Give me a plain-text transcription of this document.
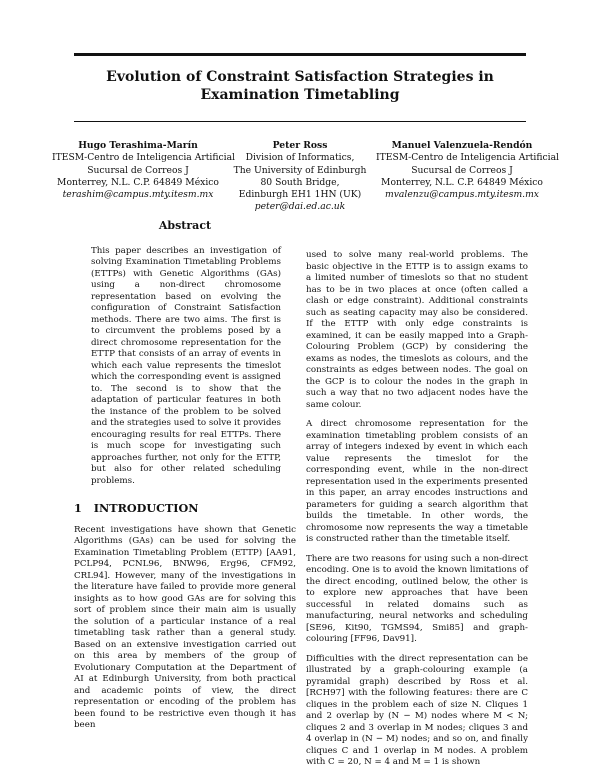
Evolution of Constraint Satisfaction Strategies in Examination Timetabling
Hugo Terashima-Marín
ITESM-Centro de Inteligencia Artificial
Sucursal de Correos J
Monterrey, N.L. C.P. 64849 México
terashim@campus.mty.itesm.mx
Peter Ross
Division of Informatics,
The University of Edinburgh
80 South Bridge,
Edinburgh EH1 1HN (UK)
peter@dai.ed.ac.uk
Manuel Valenzuela-Rendón
ITESM-Centro de Inteligencia Artificial
Sucursal de Correos J
Monterrey, N.L. C.P. 64849 México
mvalenzu@campus.mty.itesm.mx
Abstract
This paper describes an investigation of solving Examination Timetabling Problems (ETTPs) with Genetic Algorithms (GAs) using a non-direct chromosome representation based on evolving the configuration of Constraint Satisfaction methods. There are two aims. The first is to circumvent the problems posed by a direct chromosome representation for the ETTP that consists of an array of events in which each value represents the timeslot which the corresponding event is assigned to. The second is to show that the adaptation of particular features in both the instance of the problem to be solved and the strategies used to solve it provides encouraging results for real ETTPs. There is much scope for investigating such approaches further, not only for the ETTP, but also for other related scheduling problems.
1 INTRODUCTION

Recent investigations have shown that Genetic Algorithms (GAs) can be used for solving the Examination Timetabling Problem (ETTP) [AA91, PCLP94, PCNL96, BNW96, Erg96, CFM92, CRL94]. However, many of the investigations in the literature have failed to provide more general insights as to how good GAs are for solving this sort of problem since their main aim is usually the solution of a particular instance of a real timetabling task rather than a general study. Based on an extensive investigation carried out on this area by members of the group of Evolutionary Computation at the Department of AI at Edinburgh University, from both practical and academic points of view, the direct representation or encoding of the problem has been found to be restrictive even though it has been

used to solve many real-world problems. The basic objective in the ETTP is to assign exams to a limited number of timeslots so that no student has to be in two places at once (often called a clash or edge constraint). Additional constraints such as seating capacity may also be considered. If the ETTP with only edge constraints is examined, it can be easily mapped into a Graph-Colouring Problem (GCP) by considering the exams as nodes, the timeslots as colours, and the constraints as edges between nodes. The goal on the GCP is to colour the nodes in the graph in such a way that no two adjacent nodes have the same colour.

A direct chromosome representation for the examination timetabling problem consists of an array of integers indexed by event in which each value represents the timeslot for the corresponding event, while in the non-direct representation used in the experiments presented in this paper, an array encodes instructions and parameters for guiding a search algorithm that builds the timetable. In other words, the chromosome now represents the way a timetable is constructed rather than the timetable itself.

There are two reasons for using such a non-direct encoding. One is to avoid the known limitations of the direct encoding, outlined below, the other is to explore new approaches that have been successful in related domains such as manufacturing, neural networks and scheduling [SE96, Kit90, TGMS94, Smi85] and graph-colouring [FF96, Dav91].

Difficulties with the direct representation can be illustrated by a graph-colouring example (a pyramidal graph) described by Ross et al. [RCH97] with the following features: there are C cliques in the problem each of size N. Cliques 1 and 2 overlap by (N − M) nodes where M < N; cliques 2 and 3 overlap in M nodes; cliques 3 and 4 overlap in (N − M) nodes; and so on, and finally cliques C and 1 overlap in M nodes. A problem with C = 20, N = 4 and M = 1 is shown
